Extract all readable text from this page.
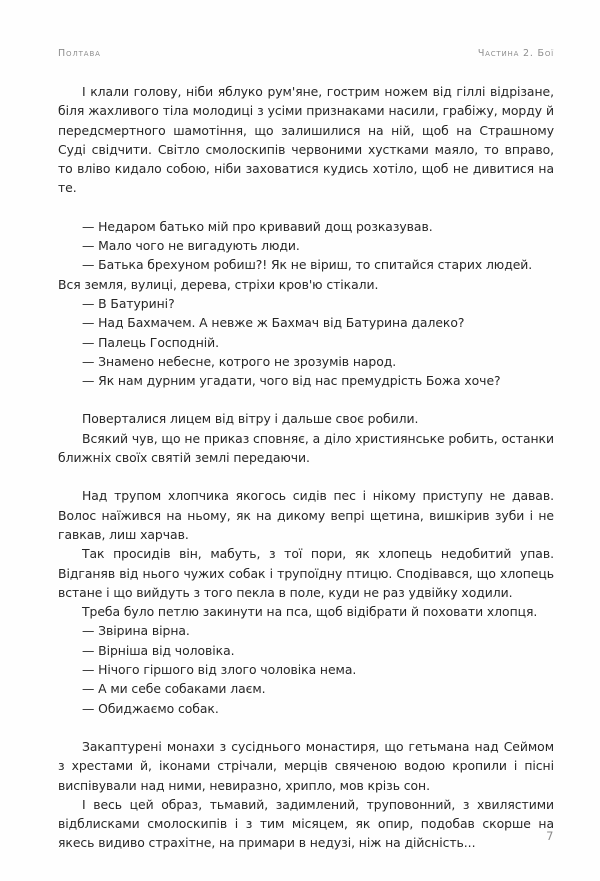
Полтава	Частина 2. Бої

І клали голову, ніби яблуко рум'яне, гострим ножем від гіллі відрізане, біля жахливого тіла молодиці з усіми признаками насили, грабіжу, морду й передсмертного шамотіння, що залишилися на ній, щоб на Страшному Суді свідчити. Світло смолоскипів червоними хустками маяло, то вправо, то вліво кидало собою, ніби заховатися кудись хотіло, щоб не дивитися на те.

— Недаром батько мій про кривавий дощ розказував.

— Мало чого не вигадують люди.

— Батька брехуном робиш?! Як не віриш, то спитайся старих людей. Вся земля, вулиці, дерева, стріхи кров'ю стікали.

— В Батурині?

— Над Бахмачем. А невже ж Бахмач від Батурина далеко?

— Палець Господній.

— Знамено небесне, котрого не зрозумів народ.

— Як нам дурним угадати, чого від нас премудрість Божа хоче?

Поверталися лицем від вітру і дальше своє робили.

Всякий чув, що не приказ сповняє, а діло християнське робить, останки ближніх своїх святій землі передаючи.

Над трупом хлопчика якогось сидів пес і нікому приступу не давав. Волос наїжився на ньому, як на дикому вепрі щетина, вишкірив зуби і не гавкав, лиш харчав.

Так просидів він, мабуть, з тої пори, як хлопець недобитий упав. Відганяв від нього чужих собак і трупоїдну птицю. Сподівався, що хлопець встане і що вийдуть з того пекла в поле, куди не раз удвійку ходили.

Треба було петлю закинути на пса, щоб відібрати й поховати хлопця.

— Звірина вірна.

— Вірніша від чоловіка.

— Нічого гіршого від злого чоловіка нема.

— А ми себе собаками лаєм.

— Обиджаємо собак.

Закаптурені монахи з сусіднього монастиря, що гетьмана над Сеймом з хрестами й, іконами стрічали, мерців свяченою водою кропили і пісні виспівували над ними, невиразно, хрипло, мов крізь сон.

І весь цей образ, тьмавий, задимлений, труповонний, з хвилястими відблисками смолоскипів і з тим місяцем, як опир, подобав скорше на якесь видиво страхітне, на примари в недузі, ніж на дійсність...	7
